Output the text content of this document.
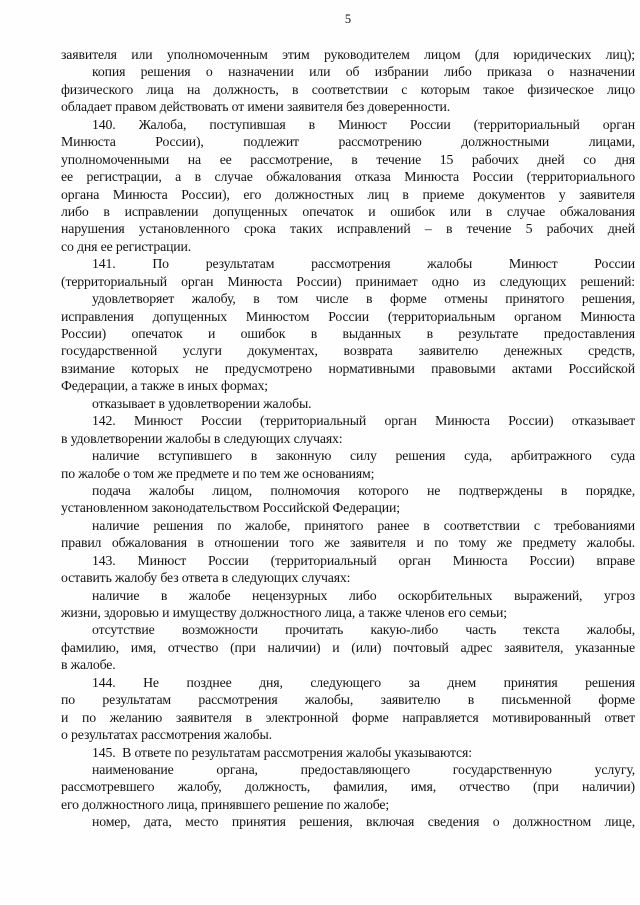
5
заявителя или уполномоченным этим руководителем лицом (для юридических лиц);
копия решения о назначении или об избрании либо приказа о назначении
физического лица на должность, в соответствии с которым такое физическое лицо
обладает правом действовать от имени заявителя без доверенности.
140. Жалоба, поступившая в Минюст России (территориальный орган
Минюста России), подлежит рассмотрению должностными лицами,
уполномоченными на ее рассмотрение, в течение 15 рабочих дней со дня
ее регистрации, а в случае обжалования отказа Минюста России (территориального
органа Минюста России), его должностных лиц в приеме документов у заявителя
либо в исправлении допущенных опечаток и ошибок или в случае обжалования
нарушения установленного срока таких исправлений – в течение 5 рабочих дней
со дня ее регистрации.
141. По результатам рассмотрения жалобы Минюст России
(территориальный орган Минюста России) принимает одно из следующих решений:
удовлетворяет жалобу, в том числе в форме отмены принятого решения,
исправления допущенных Минюстом России (территориальным органом Минюста
России) опечаток и ошибок в выданных в результате предоставления
государственной услуги документах, возврата заявителю денежных средств,
взимание которых не предусмотрено нормативными правовыми актами Российской
Федерации, а также в иных формах;
отказывает в удовлетворении жалобы.
142. Минюст России (территориальный орган Минюста России) отказывает
в удовлетворении жалобы в следующих случаях:
наличие вступившего в законную силу решения суда, арбитражного суда
по жалобе о том же предмете и по тем же основаниям;
подача жалобы лицом, полномочия которого не подтверждены в порядке,
установленном законодательством Российской Федерации;
наличие решения по жалобе, принятого ранее в соответствии с требованиями
правил обжалования в отношении того же заявителя и по тому же предмету жалобы.
143. Минюст России (территориальный орган Минюста России) вправе
оставить жалобу без ответа в следующих случаях:
наличие в жалобе нецензурных либо оскорбительных выражений, угроз
жизни, здоровью и имуществу должностного лица, а также членов его семьи;
отсутствие возможности прочитать какую-либо часть текста жалобы,
фамилию, имя, отчество (при наличии) и (или) почтовый адрес заявителя, указанные
в жалобе.
144. Не позднее дня, следующего за днем принятия решения
по результатам рассмотрения жалобы, заявителю в письменной форме
и по желанию заявителя в электронной форме направляется мотивированный ответ
о результатах рассмотрения жалобы.
145.  В ответе по результатам рассмотрения жалобы указываются:
наименование органа, предоставляющего государственную услугу,
рассмотревшего жалобу, должность, фамилия, имя, отчество (при наличии)
его должностного лица, принявшего решение по жалобе;
номер, дата, место принятия решения, включая сведения о должностном лице,
